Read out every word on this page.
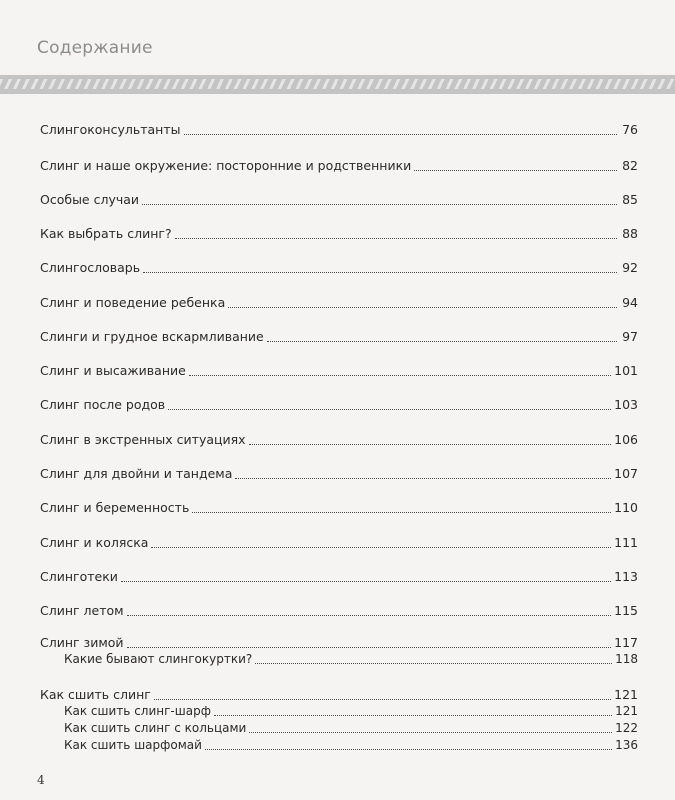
Содержание
Слингоконсультанты	76
Слинг и наше окружение: посторонние и родственники	82
Особые случаи	85
Как выбрать слинг?	88
Слингословарь	92
Слинг и поведение ребенка	94
Слинги и грудное вскармливание	97
Слинг и высаживание	101
Слинг после родов	103
Слинг в экстренных ситуациях	106
Слинг для двойни и тандема	107
Слинг и беременность	110
Слинг и коляска	111
Слинготеки	113
Слинг летом	115
Слинг зимой	117
Какие бывают слингокуртки?	118
Как сшить слинг	121
Как сшить слинг-шарф	121
Как сшить слинг с кольцами	122
Как сшить шарфомай	136
4
